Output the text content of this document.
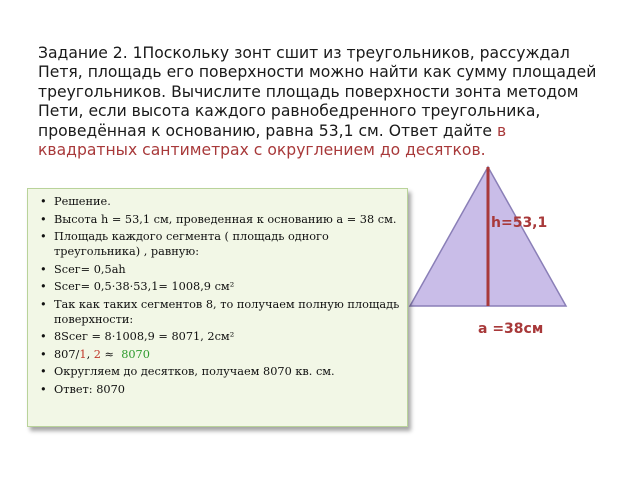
Задание 2. 1Поскольку зонт сшит из треугольников, рассуждал Петя, площадь его поверхности можно найти как сумму площадей треугольников. Вычислите площадь поверхности зонта методом Пети, если высота каждого равнобедренного треугольника, проведённая к основанию, равна 53,1 см. Ответ дайте в квадратных сантиметрах с округлением до десятков.
h=53,1
a =38см
• Решение.
• Высота h = 53,1 см, проведенная к основанию а = 38 см.
• Площадь каждого сегмента ( площадь одного треугольника) , равную:
• Sсег= 0,5ah
• Sсег= 0,5·38·53,1= 1008,9 см²
• Так как таких сегментов 8, то получаем полную площадь поверхности:
• 8Sсег = 8·1008,9 = 8071, 2см²
• 807/1, 2 ≈  8070
• Округляем до десятков, получаем 8070 кв. см.
• Ответ: 8070
